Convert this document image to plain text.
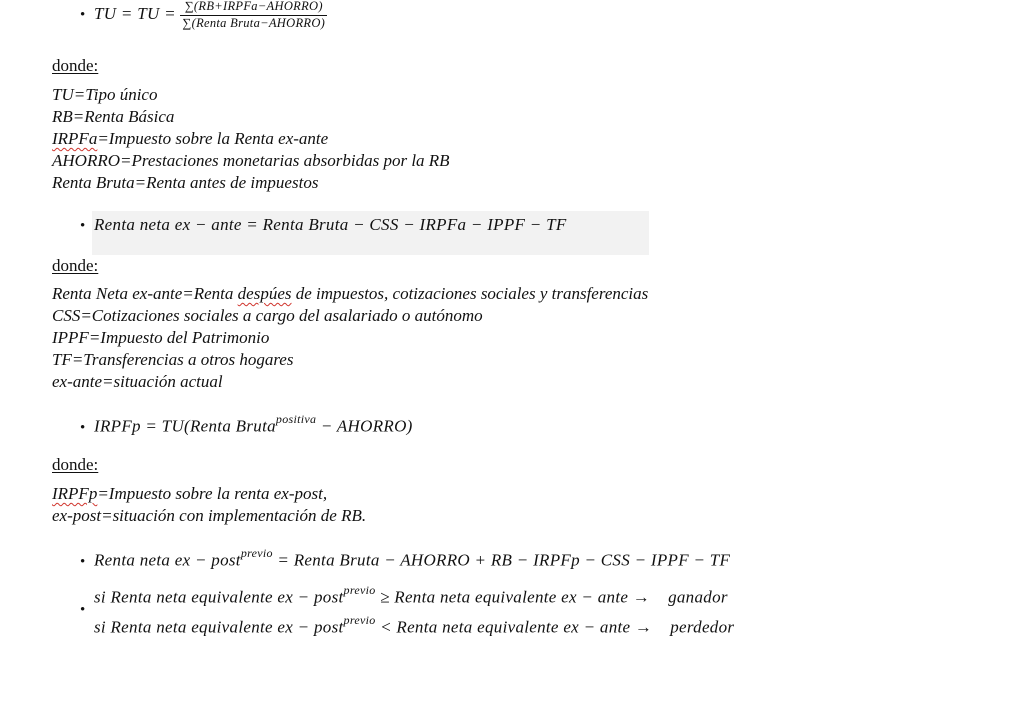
• TU = TU = $\frac{\text{∑(RB+IRPFa−AHORRO)}}{\text{∑(Renta Bruta−AHORRO)}}$
donde:
TU=Tipo único
RB=Renta Básica
IRPFa=Impuesto sobre la Renta ex-ante
AHORRO=Prestaciones monetarias absorbidas por la RB
Renta Bruta=Renta antes de impuestos
• Renta neta ex − ante = Renta Bruta − CSS − IRPFa − IPPF − TF
donde:
Renta Neta ex-ante=Renta despúes de impuestos, cotizaciones sociales y transferencias
CSS=Cotizaciones sociales a cargo del asalariado o autónomo
IPPF=Impuesto del Patrimonio
TF=Transferencias a otros hogares
ex-ante=situación actual
• IRPFp = TU(Renta Bruta$^{positiva}$ − AHORRO)
donde:
IRPFp=Impuesto sobre la renta ex-post,
ex-post=situación con implementación de RB.
• Renta neta ex − post$^{previo}$ = Renta Bruta − AHORRO + RB − IRPFp − CSS − IPPF − TF
•
si Renta neta equivalente ex − post$^{previo}$ ≥ Renta neta equivalente ex − ante → ganador
si Renta neta equivalente ex − post$^{previo}$ < Renta neta equivalente ex − ante → perdedor
